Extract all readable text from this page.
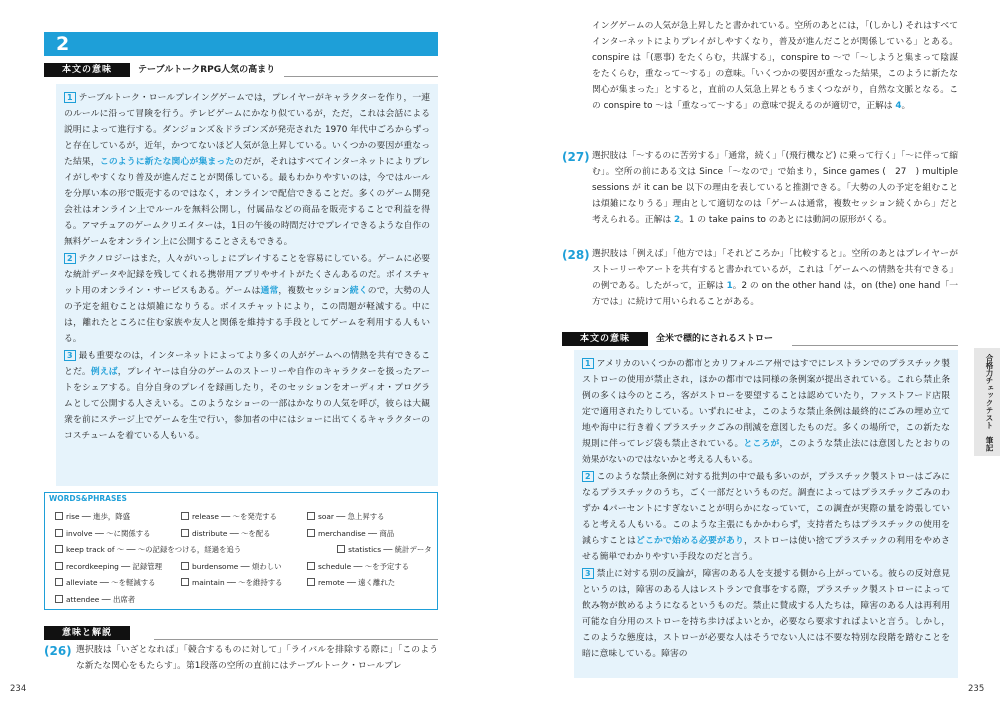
2
本文の意味	テーブルトークRPG人気の高まり

1 テーブルトーク・ロールプレイングゲームでは，プレイヤーがキャラクターを作り，一連のルールに沿って冒険を行う。テレビゲームにかなり似ているが，ただ，これは会話による説明によって進行する。ダンジョンズ＆ドラゴンズが発売された 1970 年代中ごろからずっと存在しているが，近年，かつてないほど人気が急上昇している。いくつかの要因が重なった結果，このように新たな関心が集まったのだが，それはすべてインターネットによりプレイがしやすくなり普及が進んだことが関係している。最もわかりやすいのは，今ではルールを分厚い本の形で販売するのではなく，オンラインで配信できることだ。多くのゲーム開発会社はオンライン上でルールを無料公開し，付属品などの商品を販売することで利益を得る。アマチュアのゲームクリエイターは，1日の午後の時間だけでプレイできるような自作の無料ゲームをオンライン上に公開することさえもできる。

2 テクノロジーはまた，人々がいっしょにプレイすることを容易にしている。ゲームに必要な統計データや記録を残してくれる携帯用アプリやサイトがたくさんあるのだ。ボイスチャット用のオンライン・サービスもある。ゲームは通常，複数セッション続くので，大勢の人の予定を組むことは煩雑になりうる。ボイスチャットにより，この問題が軽減する。中には，離れたところに住む家族や友人と関係を維持する手段としてゲームを利用する人もいる。

3 最も重要なのは，インターネットによってより多くの人がゲームへの情熱を共有できることだ。例えば，プレイヤーは自分のゲームのストーリーや自作のキャラクターを扱ったアートをシェアする。自分自身のプレイを録画したり，そのセッションをオーディオ・プログラムとして公開する人さえいる。このようなショーの一部はかなりの人気を呼び，彼らは大観衆を前にステージ上でゲームを生で行い，参加者の中にはショーに出てくるキャラクターのコスチュームを着ている人もいる。

WORDS&PHRASES
rise ── 進歩，降盛	release ── ～を発売する	soar ── 急上昇する
involve ── ～に関係する	distribute ── ～を配る	merchandise ── 商品
keep track of ～ ── ～の記録をつける，経過を追う	statistics ── 統計データ
recordkeeping ── 記録管理	burdensome ── 煩わしい	schedule ── ～を予定する
alleviate ── ～を軽減する	maintain ── ～を維持する	remote ── 遠く離れた
attendee ── 出席者
意味と解説
(26) 選択肢は「いざとなれば」「競合するものに対して」「ライバルを排除する際に」「このような新たな関心をもたらす」。第1段落の空所の直前にはテーブルトーク・ロールプレ

234

イングゲームの人気が急上昇したと書かれている。空所のあとには，「(しかし) それはすべてインターネットによりプレイがしやすくなり，普及が進んだことが関係している」とある。conspire は「(悪事) をたくらむ，共謀する」，conspire to ～で「～しようと集まって陰謀をたくらむ，重なって～する」の意味。「いくつかの要因が重なった結果，このように新たな関心が集まった」とすると，直前の人気急上昇ともうまくつながり，自然な文脈となる。この conspire to ～は「重なって～する」の意味で捉えるのが適切で，正解は 4。

(27) 選択肢は「～するのに苦労する」「通常，続く」「(飛行機など) に乗って行く」「～に伴って縮む」。空所の前にある文は Since「～なので」で始まり，Since games (　27　) multiple sessions が it can be 以下の理由を表していると推測できる。「大勢の人の予定を組むことは煩雑になりうる」理由として適切なのは「ゲームは通常，複数セッション続くから」だと考えられる。正解は 2。1 の take pains to のあとには動詞の原形がくる。

(28) 選択肢は「例えば」「他方では」「それどころか」「比較すると」。空所のあとはプレイヤーがストーリーやアートを共有すると書かれているが，これは「ゲームへの情熱を共有できる」の例である。したがって，正解は 1。2 の on the other hand は，on (the) one hand「一方では」に続けて用いられることがある。

本文の意味	全米で標的にされるストロー

1 アメリカのいくつかの都市とカリフォルニア州ではすでにレストランでのプラスチック製ストローの使用が禁止され，ほかの都市では同様の条例案が提出されている。これら禁止条例の多くは今のところ，客がストローを要望することは認めていたり，ファストフード店限定で適用されたりしている。いずれにせよ，このような禁止条例は最終的にごみの埋め立て地や海中に行き着くプラスチックごみの削減を意図したものだ。多くの場所で，この新たな規則に伴ってレジ袋も禁止されている。ところが，このような禁止法には意図したとおりの効果がないのではないかと考える人もいる。

2 このような禁止条例に対する批判の中で最も多いのが，プラスチック製ストローはごみになるプラスチックのうち，ごく一部だというものだ。調査によってはプラスチックごみのわずか 4パーセントにすぎないことが明らかになっていて，この調査が実際の量を誇張していると考える人もいる。このような主張にもかかわらず，支持者たちはプラスチックの使用を減らすことはどこかで始める必要があり，ストローは使い捨てプラスチックの利用をやめさせる簡単でわかりやすい手段なのだと言う。

3 禁止に対する別の反論が，障害のある人を支援する側から上がっている。彼らの反対意見というのは，障害のある人はレストランで食事をする際，プラスチック製ストローによって飲み物が飲めるようになるというものだ。禁止に賛成する人たちは，障害のある人は再利用可能な自分用のストローを持ち歩けばよいとか，必要なら要求すればよいと言う。しかし，このような態度は，ストローが必要な人はそうでない人には不要な特別な段階を踏むことを暗に意味している。障害の

合格力チェックテスト　筆記
235
